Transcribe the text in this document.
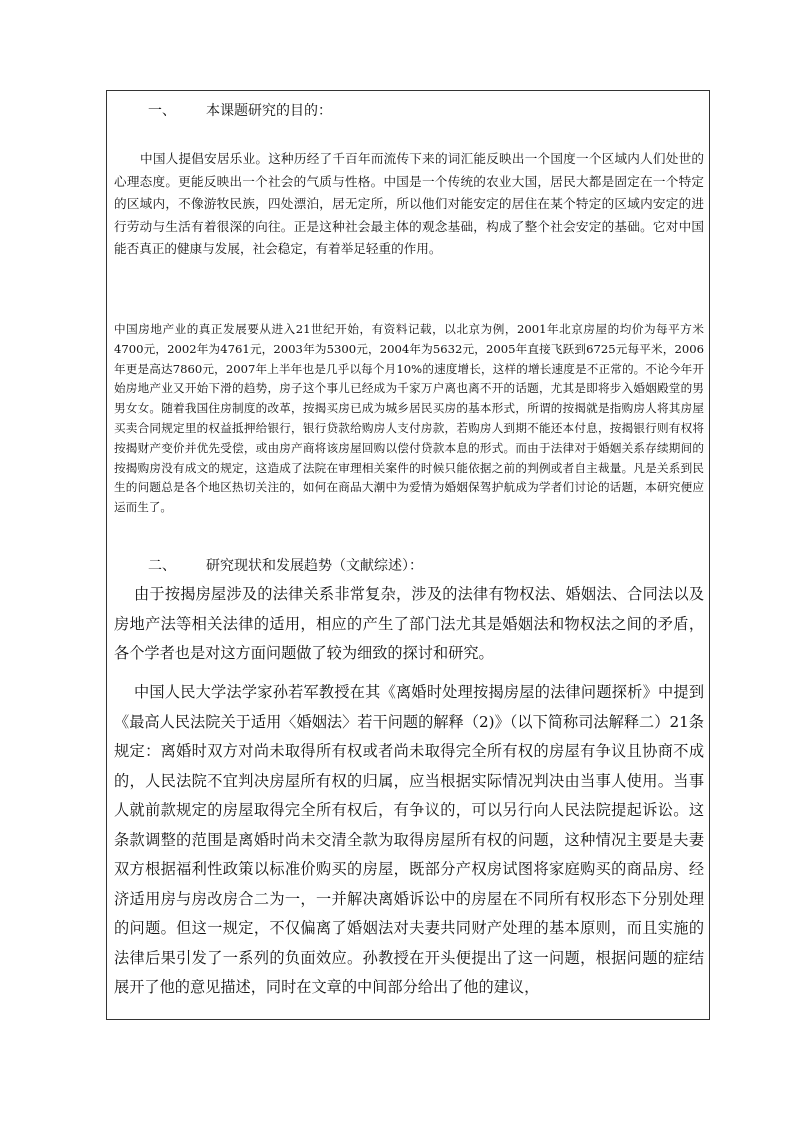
一、 本课题研究的目的：
中国人提倡安居乐业。这种历经了千百年而流传下来的词汇能反映出一个国度一个区域内人们处世的心理态度。更能反映出一个社会的气质与性格。中国是一个传统的农业大国，居民大都是固定在一个特定的区域内，不像游牧民族，四处漂泊，居无定所，所以他们对能安定的居住在某个特定的区域内安定的进行劳动与生活有着很深的向往。正是这种社会最主体的观念基础，构成了整个社会安定的基础。它对中国能否真正的健康与发展，社会稳定，有着举足轻重的作用。
中国房地产业的真正发展要从进入21世纪开始，有资料记载，以北京为例，2001年北京房屋的均价为每平方米4700元，2002年为4761元，2003年为5300元，2004年为5632元，2005年直接飞跃到6725元每平米，2006年更是高达7860元，2007年上半年也是几乎以每个月10%的速度增长，这样的增长速度是不正常的。不论今年开始房地产业又开始下滑的趋势，房子这个事儿已经成为千家万户离也离不开的话题，尤其是即将步入婚姻殿堂的男男女女。随着我国住房制度的改革，按揭买房已成为城乡居民买房的基本形式，所谓的按揭就是指购房人将其房屋买卖合同规定里的权益抵押给银行，银行贷款给购房人支付房款，若购房人到期不能还本付息，按揭银行则有权将按揭财产变价并优先受偿，或由房产商将该房屋回购以偿付贷款本息的形式。而由于法律对于婚姻关系存续期间的按揭购房没有成文的规定，这造成了法院在审理相关案件的时候只能依据之前的判例或者自主裁量。凡是关系到民生的问题总是各个地区热切关注的，如何在商品大潮中为爱情为婚姻保驾护航成为学者们讨论的话题，本研究便应运而生了。
二、 研究现状和发展趋势（文献综述）：
由于按揭房屋涉及的法律关系非常复杂，涉及的法律有物权法、婚姻法、合同法以及房地产法等相关法律的适用，相应的产生了部门法尤其是婚姻法和物权法之间的矛盾，各个学者也是对这方面问题做了较为细致的探讨和研究。
中国人民大学法学家孙若军教授在其《离婚时处理按揭房屋的法律问题探析》中提到《最高人民法院关于适用〈婚姻法〉若干问题的解释（2)》（以下简称司法解释二）21条规定：离婚时双方对尚未取得所有权或者尚未取得完全所有权的房屋有争议且协商不成的，人民法院不宜判决房屋所有权的归属，应当根据实际情况判决由当事人使用。当事人就前款规定的房屋取得完全所有权后，有争议的，可以另行向人民法院提起诉讼。这条款调整的范围是离婚时尚未交清全款为取得房屋所有权的问题，这种情况主要是夫妻双方根据福利性政策以标准价购买的房屋，既部分产权房试图将家庭购买的商品房、经济适用房与房改房合二为一，一并解决离婚诉讼中的房屋在不同所有权形态下分别处理的问题。但这一规定，不仅偏离了婚姻法对夫妻共同财产处理的基本原则，而且实施的法律后果引发了一系列的负面效应。孙教授在开头便提出了这一问题，根据问题的症结展开了他的意见描述，同时在文章的中间部分给出了他的建议，
